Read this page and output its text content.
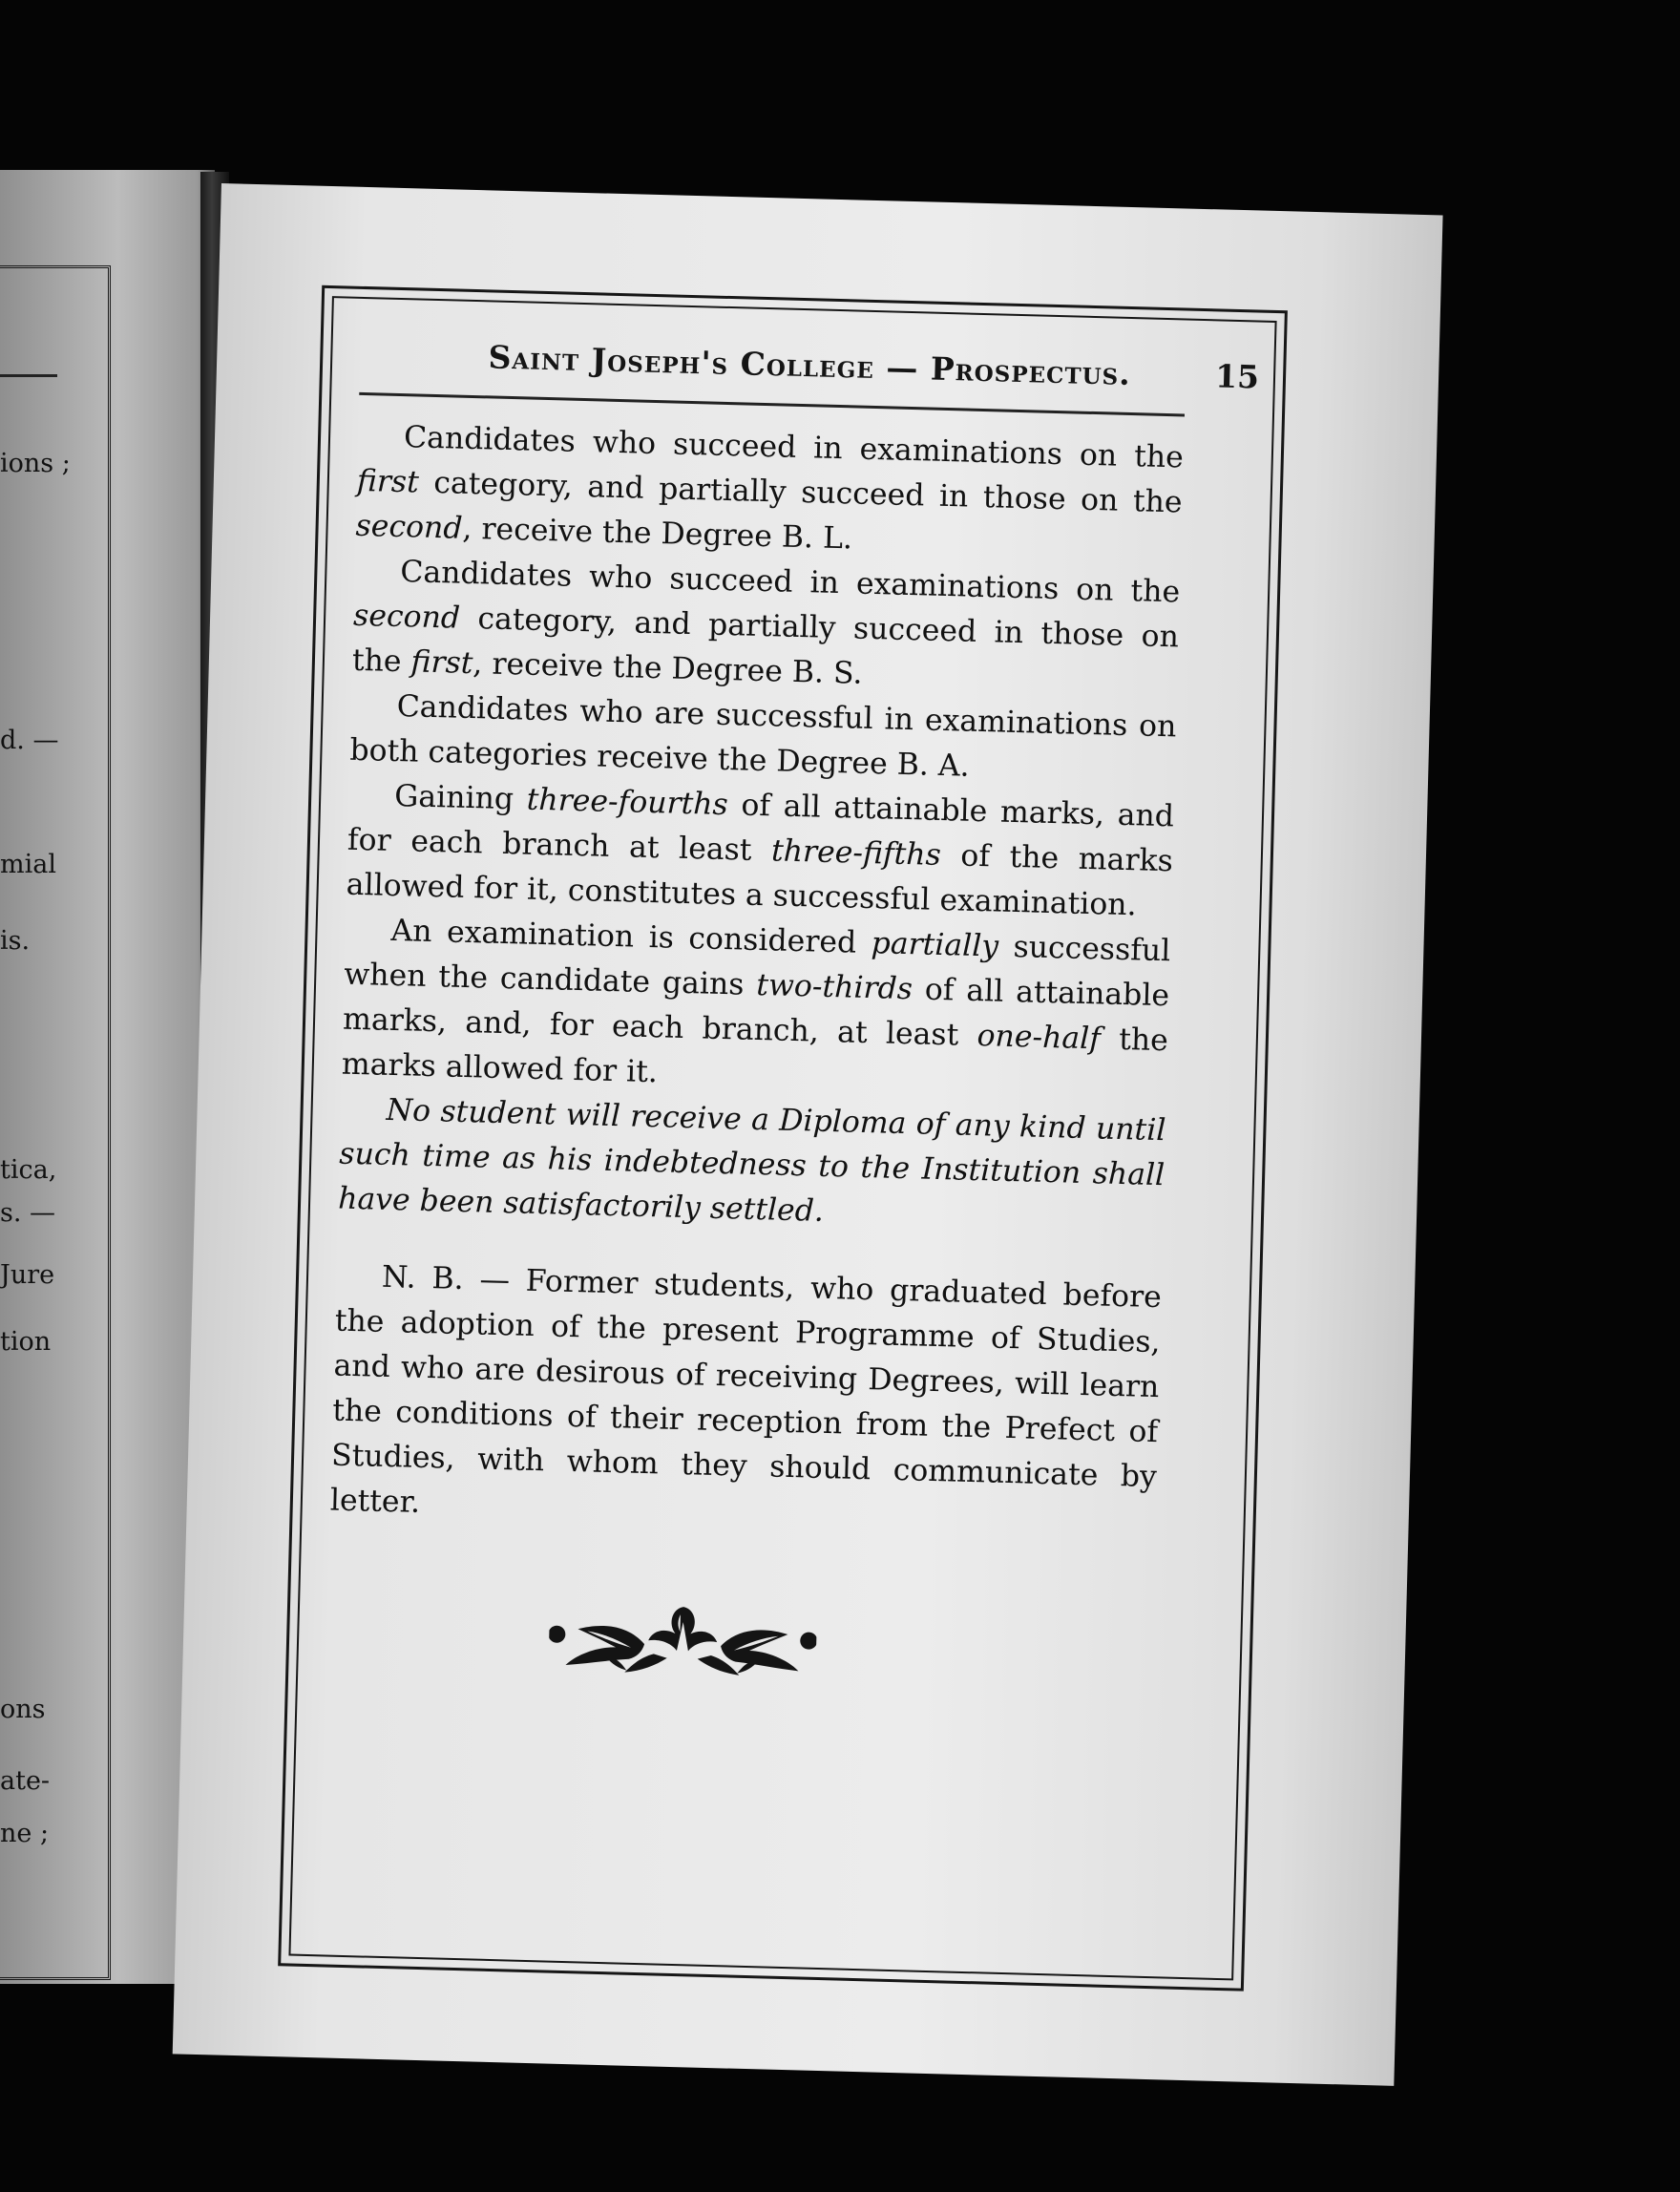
ions ;
d. —
mial
is.
tica,
s. —
Jure
tion
ons
ate-
ne ;
Saint Joseph's College — Prospectus.	15

Candidates who succeed in examinations on the first category, and partially succeed in those on the second, receive the Degree B. L.

Candidates who succeed in examinations on the second category, and partially succeed in those on the first, receive the Degree B. S.

Candidates who are successful in examinations on both categories receive the Degree B. A.

Gaining three-fourths of all attainable marks, and for each branch at least three-fifths of the marks allowed for it, constitutes a successful examination.

An examination is considered partially successful when the candidate gains two-thirds of all attainable marks, and, for each branch, at least one-half the marks allowed for it.

No student will receive a Diploma of any kind until such time as his indebtedness to the Institution shall have been satisfactorily settled.

N. B. — Former students, who graduated before the adoption of the present Programme of Studies, and who are desirous of receiving Degrees, will learn the conditions of their reception from the Prefect of Studies, with whom they should communicate by letter.
